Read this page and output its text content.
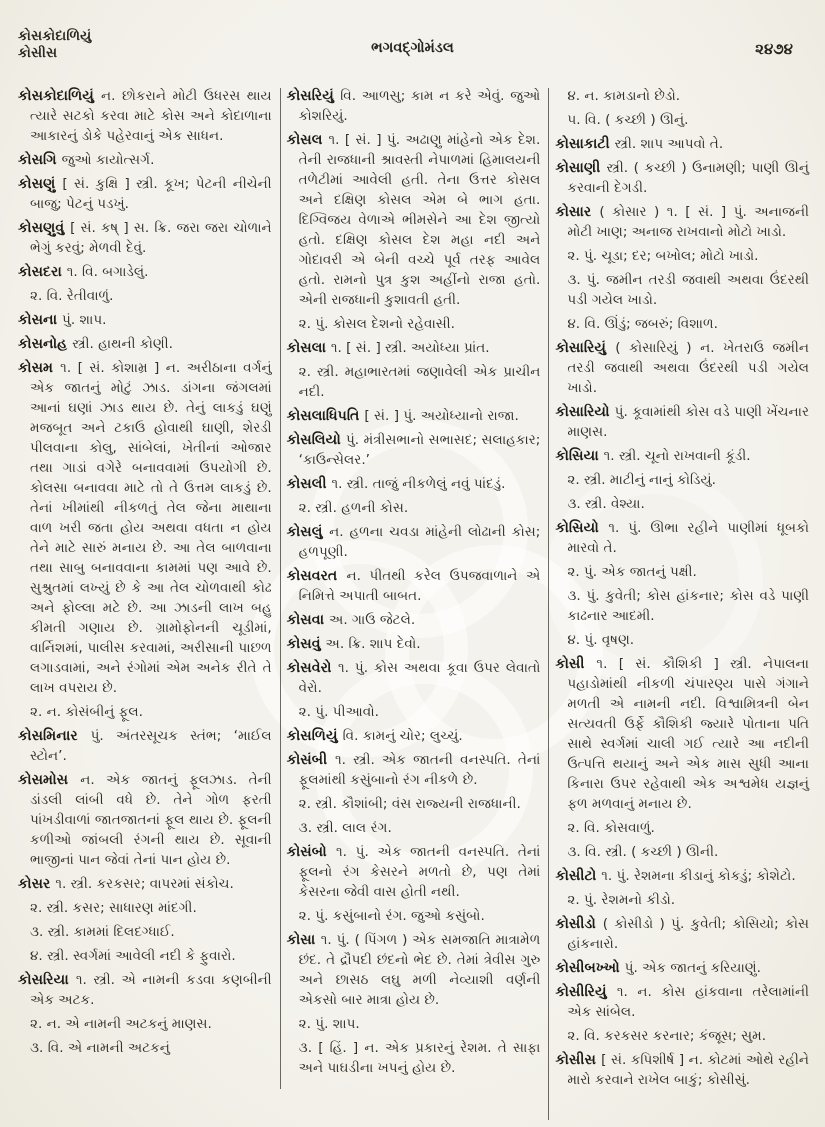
કોસકોદાળિયું
કોસીસ	ભગવદ્ગોમંડલ	૨૪૭૪

કોસકોદાળિયું ન. છોકરાને મોટી ઉધરસ થાય ત્યારે સટકો કરવા માટે કોસ અને કોદાળાના આકારનું ડોકે પહેરવાનું એક સાધન.

કોસગિ જુઓ કાયોત્સર્ગ.

કોસણું [ સં. કુક્ષિ ] સ્ત્રી. કૂખ; પેટની નીચેની બાજુ; પેટનું પડખું.

કોસણુવું [ સં. કષ્ ] સ. ક્રિ. જરા જરા ચોળાને ભેગું કરવું; મેળવી દેવું.

કોસદરા ૧. વિ. બગાડેલું.

૨. વિ. રેતીવાળું.

કોસના પું. શાપ.

કોસનોહ સ્ત્રી. હાથની કોણી.

કોસમ ૧. [ સં. કોશામ્ર ] ન. અરીઠાના વર્ગનું એક જાતનું મોટું ઝાડ. ડાંગના જંગલમાં આનાં ઘણાં ઝાડ થાય છે. તેનું લાકડું ઘણું મજબૂત અને ટકાઉ હોવાથી ઘાણી, શેરડી પીલવાના કોલુ, સાંબેલાં, ખેતીનાં ઓજાર તથા ગાડાં વગેરે બનાવવામાં ઉપયોગી છે. કોલસા બનાવવા માટે તો તે ઉત્તમ લાકડું છે. તેનાં ખીમાંથી નીકળતું તેલ જેના માથાના વાળ ખરી જતા હોય અથવા વધતા ન હોય તેને માટે સારું મનાય છે. આ તેલ બાળવાના તથા સાબુ બનાવવાના કામમાં પણ આવે છે. સુશ્રુતમાં લખ્યું છે કે આ તેલ ચોળવાથી કોઢ અને ફોલ્લા મટે છે. આ ઝાડની લાખ બહુ કીમતી ગણાય છે. ગ્રામોફોનની ચૂડીમાં, વાર્નિશમાં, પાલીસ કરવામાં, અરીસાની પાછળ લગાડવામાં, અને રંગોમાં એમ અનેક રીતે તે લાખ વપરાય છે.

૨. ન. કોસંબીનું ફૂલ.

કોસમિનાર પું. અંતરસૂચક સ્તંભ; ‘માઈલ સ્ટોન’.

કોસમોસ ન. એક જાતનું ફૂલઝાડ. તેની ડાંડલી લાંબી વધે છે. તેને ગોળ ફરતી પાંખડીવાળાં જાતજાતનાં ફૂલ થાય છે. ફૂલની કળીઓ જાંબલી રંગની થાય છે. સૂવાની ભાજીનાં પાન જેવાં તેનાં પાન હોય છે.

કોસર ૧. સ્ત્રી. કરકસર; વાપરમાં સંકોચ.

૨. સ્ત્રી. કસર; સાધારણ માંદગી.

૩. સ્ત્રી. કામમાં દિલદગ્ધાઈ.

૪. સ્ત્રી. સ્વર્ગમાં આવેલી નદી કે ફુવારો.

કોસરિયા ૧. સ્ત્રી. એ નામની કડવા કણબીની એક અટક.

૨. ન. એ નામની અટકનું માણસ.

૩. વિ. એ નામની અટકનું

કોસરિયું વિ. આળસુ; કામ ન કરે એવું. જુઓ કોશરિયું.

કોસલ ૧. [ સં. ] પું. અઢાણુ માંહેનો એક દેશ. તેની રાજધાની શ્રાવસ્તી નેપાળમાં હિમાલયની તળેટીમાં આવેલી હતી. તેના ઉત્તર કોસલ અને દક્ષિણ કોસલ એમ બે ભાગ હતા. દિગ્વિજય વેળાએ ભીમસેને આ દેશ જીત્યો હતો. દક્ષિણ કોસલ દેશ મહા નદી અને ગોદાવરી એ બેની વચ્ચે પૂર્વ તરફ આવેલ હતો. રામનો પુત્ર કુશ અહીંનો રાજા હતો. એની રાજધાની કુશાવતી હતી.

૨. પું. કોસલ દેશનો રહેવાસી.

કોસલા ૧. [ સં. ] સ્ત્રી. અયોધ્યા પ્રાંત.

૨. સ્ત્રી. મહાભારતમાં જણાવેલી એક પ્રાચીન નદી.

કોસલાધિપતિ [ સં. ] પું. અયોધ્યાનો રાજા.

કોસલિયો પું. મંત્રીસભાનો સભાસદ; સલાહકાર; ‘કાઉન્સેલર.’

કોસલી ૧. સ્ત્રી. તાજું નીકળેલું નવું પાંદડું.

૨. સ્ત્રી. હળની કોસ.

કોસલું ન. હળના ચવડા માંહેની લોઢાની કોસ; હળપૂણી.

કોસવરત ન. પીતથી કરેલ ઉપજવાળાને એ નિમિત્તે અપાતી બાબત.

કોસવા અ. ગાઉ જેટલે.

કોસવું અ. ક્રિ. શાપ દેવો.

કોસવેરો ૧. પું. કોસ અથવા કૂવા ઉપર લેવાતો વેરો.

૨. પું. પીઆવો.

કોસળિયું વિ. કામનું ચોર; લુચ્ચું.

કોસંબી ૧. સ્ત્રી. એક જાતની વનસ્પતિ. તેનાં ફૂલમાંથી કસુંબાનો રંગ નીકળે છે.

૨. સ્ત્રી. કૌશાંબી; વંસ રાજ્યની રાજધાની.

૩. સ્ત્રી. લાલ રંગ.

કોસંબો ૧. પું. એક જાતની વનસ્પતિ. તેનાં ફૂલનો રંગ કેસરને મળતો છે, પણ તેમાં કેસરના જેવી વાસ હોતી નથી.

૨. પું. કસુંબાનો રંગ. જુઓ કસુંબો.

કોસા ૧. પું. ( પિંગળ ) એક સમજાતિ માત્રામેળ છંદ. તે દ્રૌપદી છંદનો ભેદ છે. તેમાં ત્રેવીસ ગુરુ અને છાસઠ લઘુ મળી નેવ્યાશી વર્ણની એકસો બાર માત્રા હોય છે.

૨. પું. શાપ.

૩. [ હિં. ] ન. એક પ્રકારનું રેશમ. તે સાફા અને પાઘડીના ખપનું હોય છે.

૪. ન. કામડાનો છેડો.

૫. વિ. ( કચ્છી ) ઊનું.

કોસાકાટી સ્ત્રી. શાપ આપવો તે.

કોસાણી સ્ત્રી. ( કચ્છી ) ઉનામણી; પાણી ઊનું કરવાની દેગડી.

કોસાર ( કોસાર ) ૧. [ સં. ] પું. અનાજની મોટી ખાણ; અનાજ રાખવાનો મોટો ખાડો.

૨. પું. ચૂડા; દર; બખોલ; મોટો ખાડો.

૩. પું. જમીન તરડી જવાથી અથવા ઉંદરથી પડી ગયેલ ખાડો.

૪. વિ. ઊંડું; જબરું; વિશાળ.

કોસારિયું ( કોસારિયું ) ન. ખેતરાઉ જમીન તરડી જવાથી અથવા ઉંદરથી પડી ગયેલ ખાડો.

કોસારિયો પું. કૂવામાંથી કોસ વડે પાણી ખેંચનાર માણસ.

કોસિયા ૧. સ્ત્રી. ચૂનો રાખવાની કૂંડી.

૨. સ્ત્રી. માટીનું નાનું કોડિયું.

૩. સ્ત્રી. વેશ્યા.

કોસિયો ૧. પું. ઊભા રહીને પાણીમાં ધૂબકો મારવો તે.

૨. પું. એક જાતનું પક્ષી.

૩. પું. કુવેતી; કોસ હાંકનાર; કોસ વડે પાણી કાઢનાર આદમી.

૪. પું. વૃષણ.

કોસી ૧. [ સં. કૌશિકી ] સ્ત્રી. નેપાલના પહાડોમાંથી નીકળી ચંપારણ્ય પાસે ગંગાને મળતી એ નામની નદી. વિશ્વામિત્રની બેન સત્યવતી ઉર્ફે કૌશિકી જ્યારે પોતાના પતિ સાથે સ્વર્ગમાં ચાલી ગઈ ત્યારે આ નદીની ઉત્પત્તિ થયાનું અને એક માસ સુધી આના કિનારા ઉપર રહેવાથી એક અશ્વમેધ યજ્ઞનું ફળ મળવાનું મનાય છે.

૨. વિ. કોસવાળું.

૩. વિ. સ્ત્રી. ( કચ્છી ) ઊની.

કોસીટો ૧. પું. રેશમના કીડાનું કોકડું; કોશેટો.

૨. પું. રેશમનો કીડો.

કોસીડો ( કોસીડો ) પું. કુવેતી; કોસિયો; કોસ હાંકનારો.

કોસીબખ્ખો પું. એક જાતનું કરિયાણું.

કોસીરિયું ૧. ન. કોસ હાંકવાના તરેલામાંની એક સાંબેલ.

૨. વિ. કરકસર કરનાર; કંજૂસ; સુમ.

કોસીસ [ સં. કપિશીર્ષ ] ન. કોટમાં ઓથે રહીને મારો કરવાને રાખેલ બાકું; કોસીસું.
